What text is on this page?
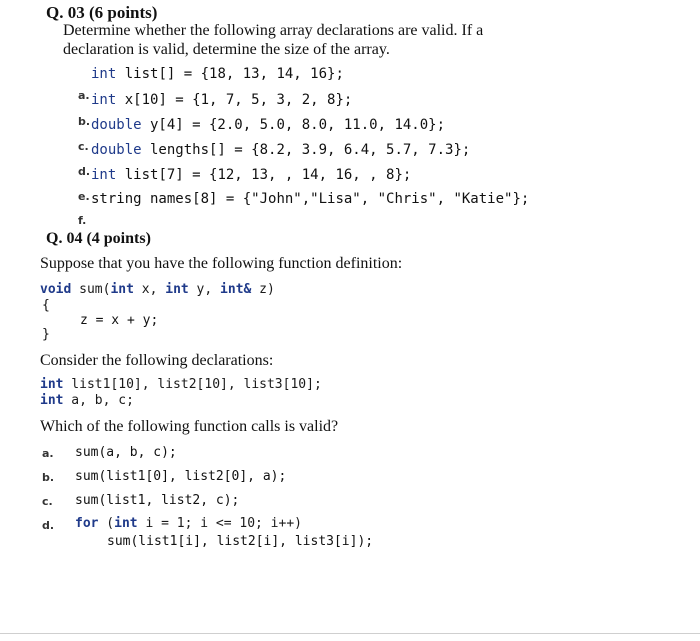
Q. 03 (6 points)
Determine whether the following array declarations are valid. If a
declaration is valid, determine the size of the array.

a.

int list[] = {18, 13, 14, 16};

b.

int x[10] = {1, 7, 5, 3, 2, 8};

c.

double y[4] = {2.0, 5.0, 8.0, 11.0, 14.0};

d.

double lengths[] = {8.2, 3.9, 6.4, 5.7, 7.3};

e.

int list[7] = {12, 13, , 14, 16, , 8};

f.

string names[8] = {"John","Lisa", "Chris", "Katie"};
Q. 04 (4 points)
Suppose that you have the following function definition:
void sum(int x, int y, int& z)
{
z = x + y;
}
Consider the following declarations:
int list1[10], list2[10], list3[10];
int a, b, c;
Which of the following function calls is valid?
a. sum(a, b, c);
b. sum(list1[0], list2[0], a);
c. sum(list1, list2, c);
d. for (int i = 1; i <= 10; i++)
sum(list1[i], list2[i], list3[i]);
